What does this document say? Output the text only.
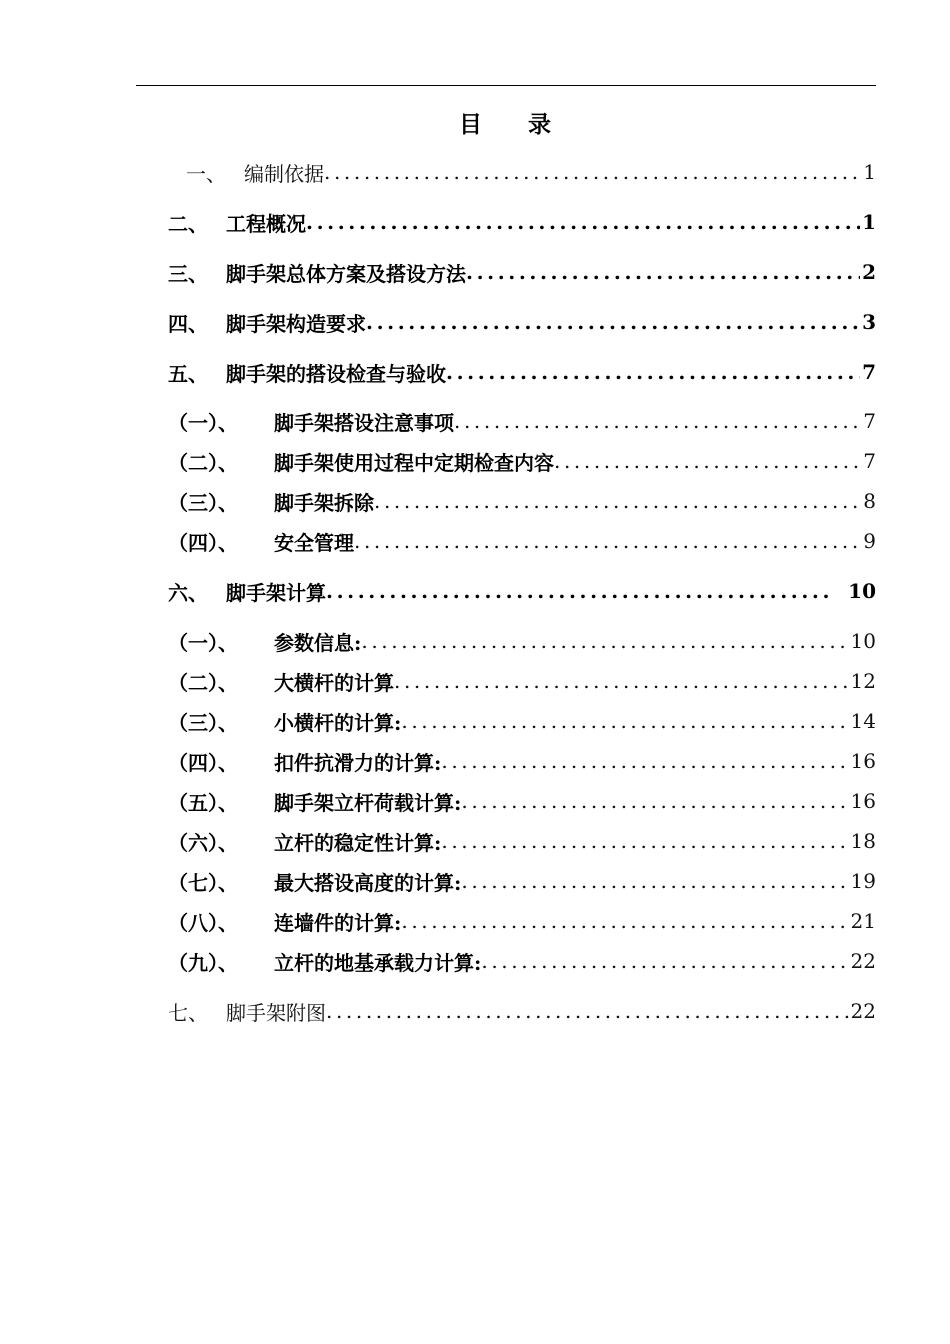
目 录
一、 编制依据 .....	1
二、 工程概况 .....	1
三、 脚手架总体方案及搭设方法 .....	2
四、 脚手架构造要求 .....	3
五、 脚手架的搭设检查与验收 .....	7
（一）、	脚手架搭设注意事项 .....	7
（二）、	脚手架使用过程中定期检查内容 .....	7
（三）、	脚手架拆除 .....	8
（四）、	安全管理 .....	9
六、 脚手架计算 .....	10
（一）、	参数信息: .....	10
（二）、	大横杆的计算 .....	12
（三）、	小横杆的计算: .....	14
（四）、	扣件抗滑力的计算: .....	16
（五）、	脚手架立杆荷载计算: .....	16
（六）、	立杆的稳定性计算: .....	18
（七）、	最大搭设高度的计算: .....	19
（八）、	连墙件的计算: .....	21
（九）、	立杆的地基承载力计算: .....	22
七、 脚手架附图 .....	22
